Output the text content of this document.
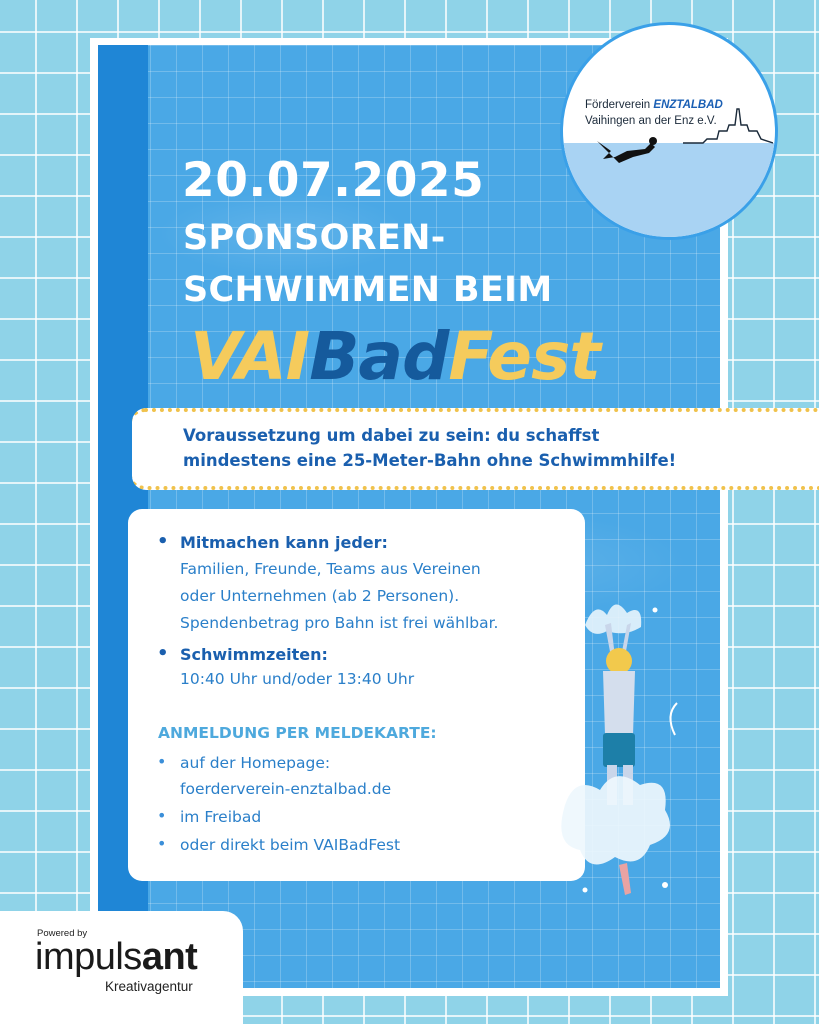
Förderverein ENZTALBAD
Vaihingen an der Enz e.V.
20.07.2025
SPONSOREN-
SCHWIMMEN BEIM
VAIBadFest
Voraussetzung um dabei zu sein: du schaffst
mindestens eine 25-Meter-Bahn ohne Schwimmhilfe!
• Mitmachen kann jeder:
Familien, Freunde, Teams aus Vereinen
oder Unternehmen (ab 2 Personen).
Spendenbetrag pro Bahn ist frei wählbar.
• Schwimmzeiten:
10:40 Uhr und/oder 13:40 Uhr
ANMELDUNG PER MELDEKARTE:
• auf der Homepage:
foerderverein-enztalbad.de
• im Freibad
• oder direkt beim VAIBadFest
Powered by
impulsant
Kreativagentur
